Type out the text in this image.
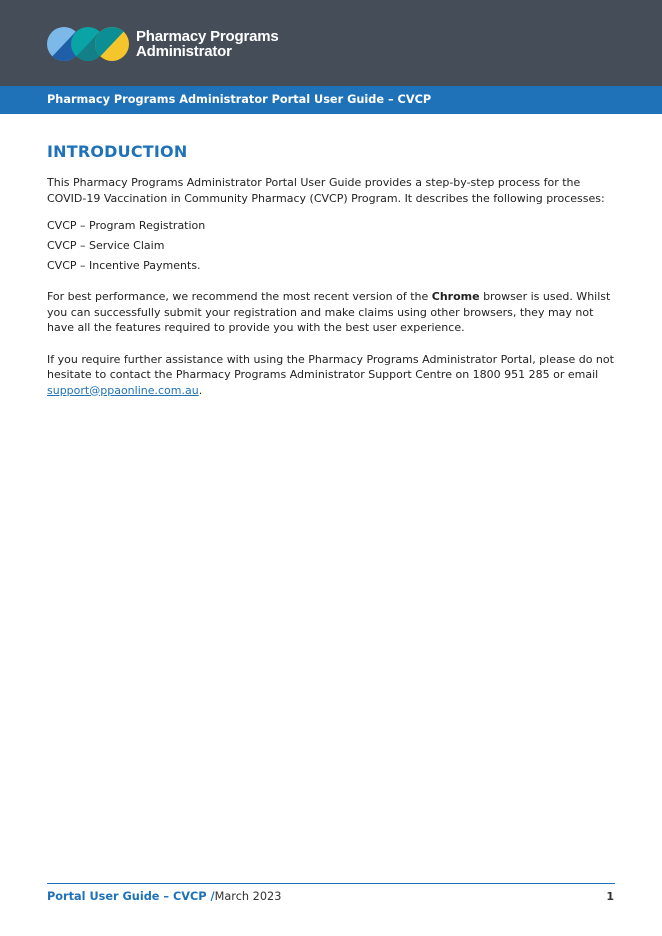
Pharmacy Programs
Administrator
Pharmacy Programs Administrator Portal User Guide – CVCP
INTRODUCTION

This Pharmacy Programs Administrator Portal User Guide provides a step-by-step process for the COVID-19 Vaccination in Community Pharmacy (CVCP) Program. It describes the following processes:

CVCP – Program Registration
CVCP – Service Claim
CVCP – Incentive Payments.

For best performance, we recommend the most recent version of the Chrome browser is used. Whilst you can successfully submit your registration and make claims using other browsers, they may not have all the features required to provide you with the best user experience.

If you require further assistance with using the Pharmacy Programs Administrator Portal, please do not hesitate to contact the Pharmacy Programs Administrator Support Centre on 1800 951 285 or email support@ppaonline.com.au.

Portal User Guide – CVCP /March 2023	1
